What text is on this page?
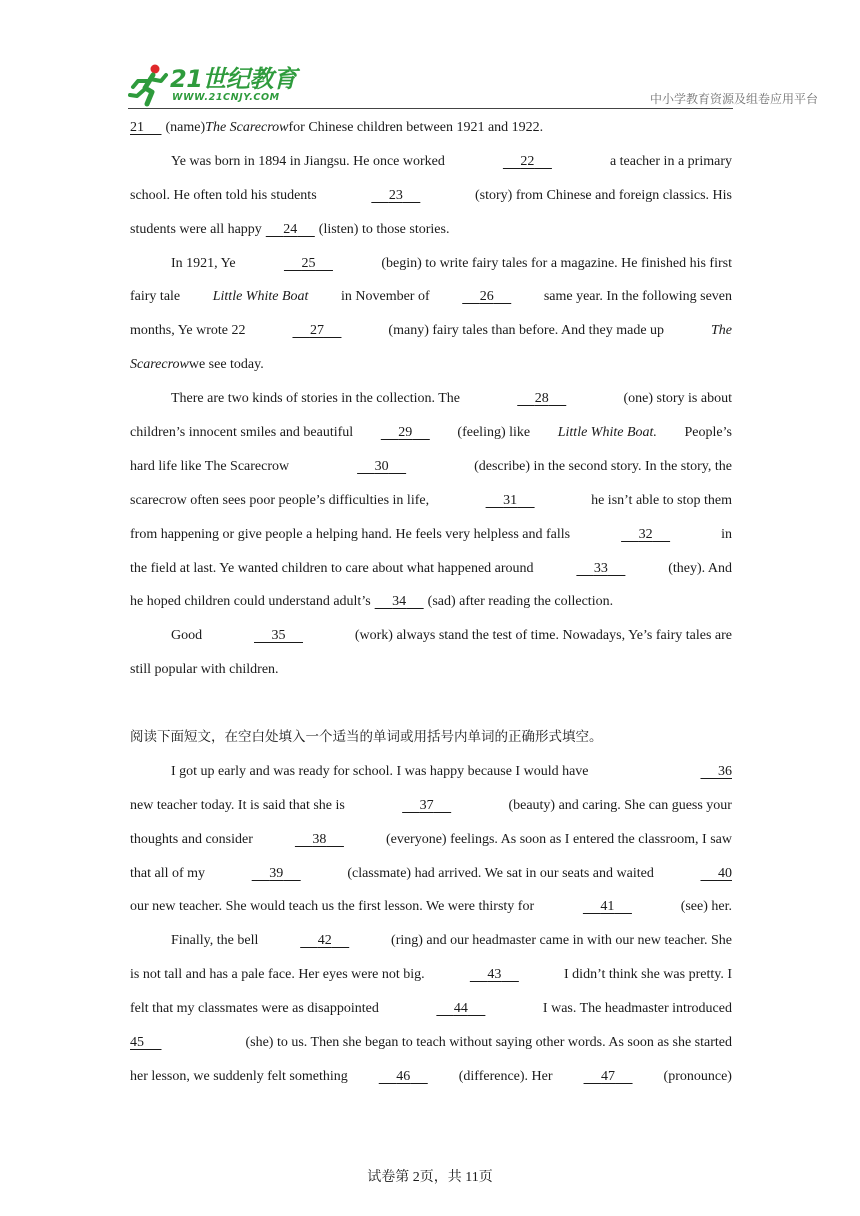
21世纪教育
WWW.21CNJY.COM	中小学教育资源及组卷应用平台
21	(name) The Scarecrow for Chinese children between 1921 and 1922.
Ye was born in 1894 in Jiangsu. He once worked	22	a teacher in a primary
school. He often told his students	23	(story) from Chinese and foreign classics. His
students were all happy	24	(listen) to those stories.
In 1921, Ye	25	(begin) to write fairy tales for a magazine. He finished his first
fairy tale Little White Boat in November of	26	same year. In the following seven
months, Ye wrote 22	27	(many) fairy tales than before. And they made up	The
Scarecrow we see today.
There are two kinds of stories in the collection. The	28	(one) story is about
children’s innocent smiles and beautiful	29	(feeling) like Little White Boat. People’s
hard life like The Scarecrow	30	(describe) in the second story. In the story, the
scarecrow often sees poor people’s difficulties in life,	31	he isn’t able to stop them
from happening or give people a helping hand. He feels very helpless and falls	32	in
the field at last. Ye wanted children to care about what happened around	33	(they). And
he hoped children could understand adult’s	34	(sad) after reading the collection.
Good	35	(work) always stand the test of time. Nowadays, Ye’s fairy tales are
still popular with children.
阅读下面短文，在空白处填入一个适当的单词或用括号内单词的正确形式填空。
I got up early and was ready for school. I was happy because I would have	36
new teacher today. It is said that she is	37	(beauty) and caring. She can guess your
thoughts and consider	38	(everyone) feelings. As soon as I entered the classroom, I saw
that all of my	39	(classmate) had arrived. We sat in our seats and waited	40
our new teacher. She would teach us the first lesson. We were thirsty for	41	(see) her.
Finally, the bell	42	(ring) and our headmaster came in with our new teacher. She
is not tall and has a pale face. Her eyes were not big.	43	I didn’t think she was pretty. I
felt that my classmates were as disappointed	44	I was. The headmaster introduced
45	(she) to us. Then she began to teach without saying other words. As soon as she started
her lesson, we suddenly felt something	46	(difference). Her	47	(pronounce)
试卷第 2页，共 11页
